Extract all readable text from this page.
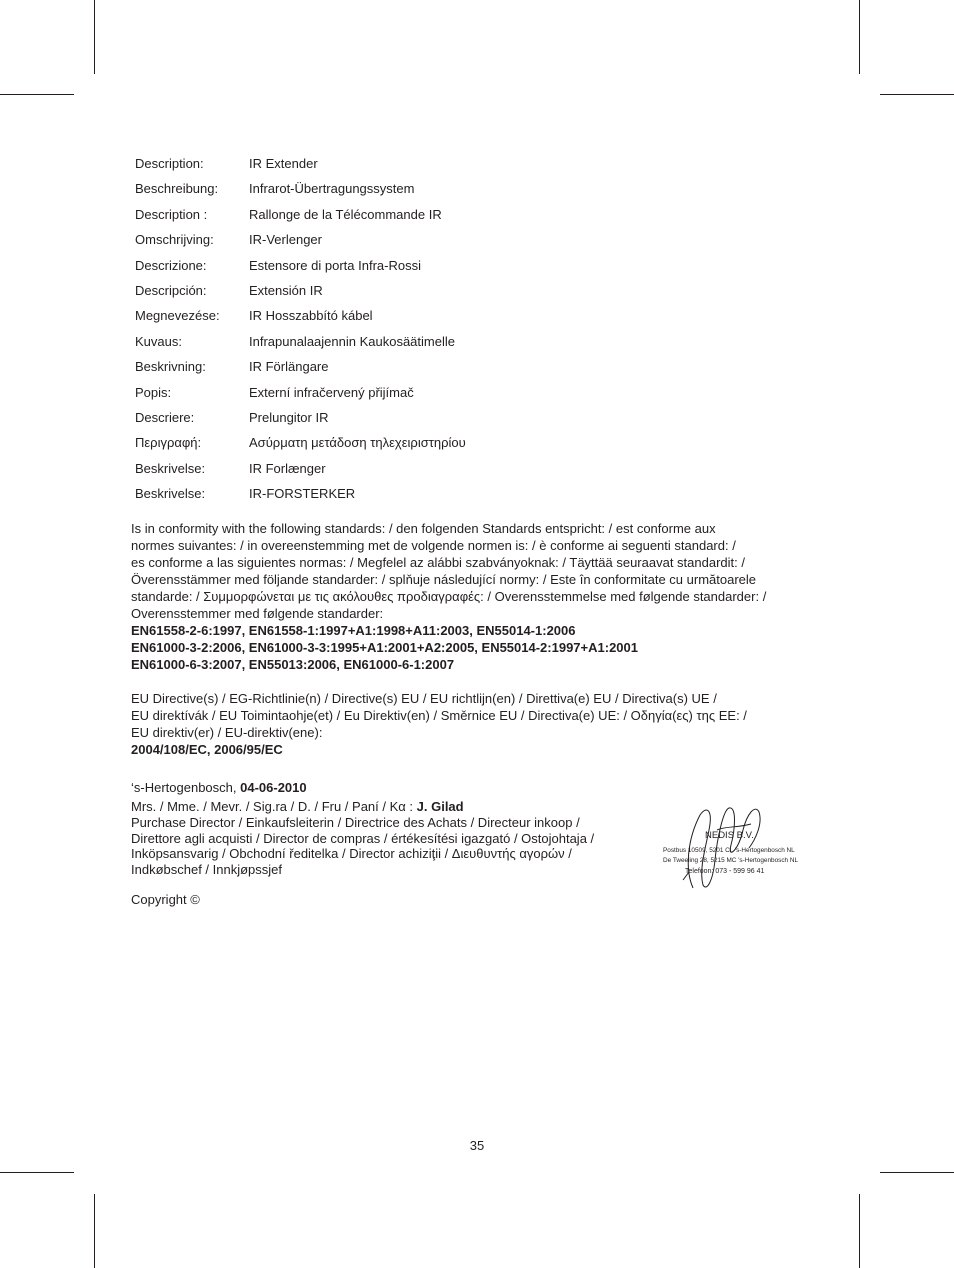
Description:	IR Extender
Beschreibung:	Infrarot-Übertragungssystem
Description :	Rallonge de la Télécommande IR
Omschrijving:	IR-Verlenger
Descrizione:	Estensore di porta Infra-Rossi
Descripción:	Extensión IR
Megnevezése:	IR Hosszabbító kábel
Kuvaus:	Infrapunalaajennin Kaukosäätimelle
Beskrivning:	IR Förlängare
Popis:	Externí infračervený přijímač
Descriere:	Prelungitor IR
Περιγραφή:	Ασύρματη μετάδοση τηλεχειριστηρίου
Beskrivelse:	IR Forlænger
Beskrivelse:	IR-FORSTERKER

Is in conformity with the following standards: / den folgenden Standards entspricht: / est conforme aux

normes suivantes: / in overeenstemming met de volgende normen is: / è conforme ai seguenti standard: /

es conforme a las siguientes normas: / Megfelel az alábbi szabványoknak: / Täyttää seuraavat standardit: /

Överensstämmer med följande standarder: / splňuje následující normy: / Este în conformitate cu următoarele

standarde: / Συμμορφώνεται με τις ακόλουθες προδιαγραφές: / Overensstemmelse med følgende standarder: /

Overensstemmer med følgende standarder:

EN61558-2-6:1997, EN61558-1:1997+A1:1998+A11:2003, EN55014-1:2006

EN61000-3-2:2006, EN61000-3-3:1995+A1:2001+A2:2005, EN55014-2:1997+A1:2001

EN61000-6-3:2007, EN55013:2006, EN61000-6-1:2007

EU Directive(s) / EG-Richtlinie(n) / Directive(s) EU / EU richtlijn(en) / Direttiva(e) EU / Directiva(s) UE /

EU direktívák / EU Toimintaohje(et) / Eu Direktiv(en) / Směrnice EU / Directiva(e) UE: / Οδηγία(ες) της ΕΕ: /

EU direktiv(er) / EU-direktiv(ene):

2004/108/EC, 2006/95/EC

‘s-Hertogenbosch, 04-06-2010

Mrs. / Mme. / Mevr. / Sig.ra / D. / Fru / Paní / Kα : J. Gilad

Purchase Director / Einkaufsleiterin / Directrice des Achats / Directeur inkoop /

Direttore agli acquisti / Director de compras / értékesítési igazgató / Ostojohtaja /

Inköpsansvarig / Obchodní ředitelka / Director achiziţii / Διευθυντής αγορών /

Indkøbschef / Innkjøpssjef

NEDIS B.V.
Postbus 10509, 5201 CL 's-Hertogenbosch NL
De Tweeling 28, 5215 MC 's-Hertogenbosch NL
Telefoon: 073 - 599 96 41
Copyright ©
35
